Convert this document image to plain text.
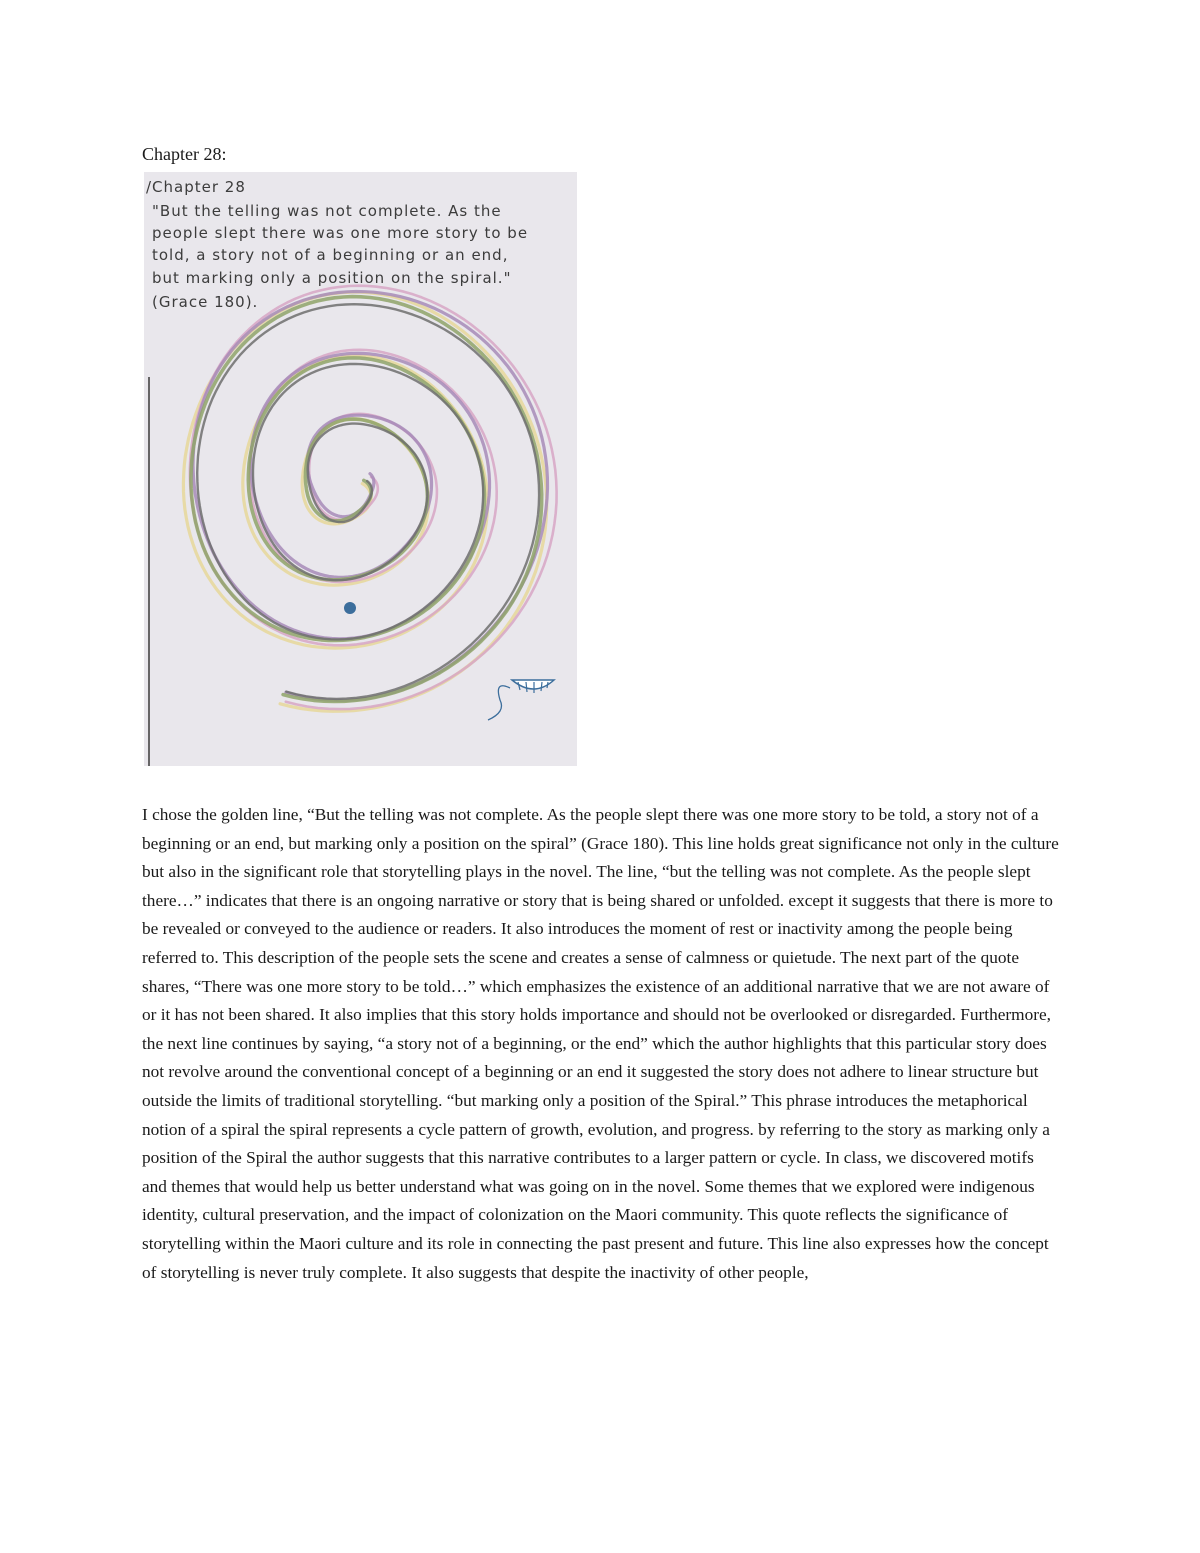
Chapter 28:
/Chapter 28
"But the telling was not complete. As the
people slept there was one more story to be
told, a story not of a beginning or an end,
but marking only a position on the spiral."
(Grace 180).

I chose the golden line, “But the telling was not complete. As the people slept there was one more story to be told, a story not of a beginning or an end, but marking only a position on the spiral” (Grace 180). This line holds great significance not only in the culture but also in the significant role that storytelling plays in the novel. The line, “but the telling was not complete. As the people slept there…” indicates that there is an ongoing narrative or story that is being shared or unfolded. except it suggests that there is more to be revealed or conveyed to the audience or readers. It also introduces the moment of rest or inactivity among the people being referred to. This description of the people sets the scene and creates a sense of calmness or quietude. The next part of the quote shares, “There was one more story to be told…” which emphasizes the existence of an additional narrative that we are not aware of or it has not been shared. It also implies that this story holds importance and should not be overlooked or disregarded. Furthermore, the next line continues by saying, “a story not of a beginning, or the end” which the author highlights that this particular story does not revolve around the conventional concept of a beginning or an end it suggested the story does not adhere to linear structure but outside the limits of traditional storytelling. “but marking only a position of the Spiral.” This phrase introduces the metaphorical notion of a spiral the spiral represents a cycle pattern of growth, evolution, and progress. by referring to the story as marking only a position of the Spiral the author suggests that this narrative contributes to a larger pattern or cycle. In class, we discovered motifs and themes that would help us better understand what was going on in the novel. Some themes that we explored were indigenous identity, cultural preservation, and the impact of colonization on the Maori community. This quote reflects the significance of storytelling within the Maori culture and its role in connecting the past present and future. This line also expresses how the concept of storytelling is never truly complete. It also suggests that despite the inactivity of other people,
